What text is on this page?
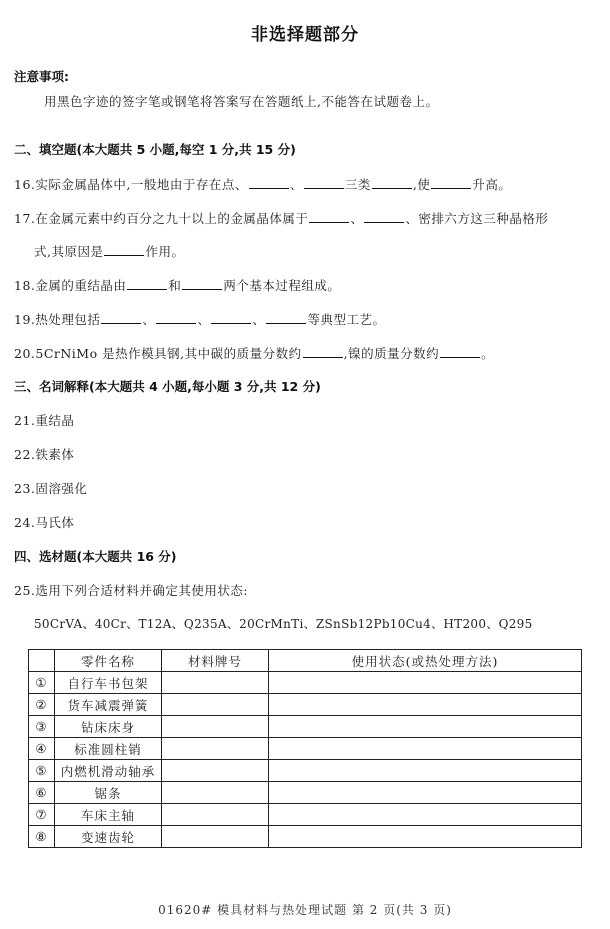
非选择题部分
注意事项:
用黑色字迹的签字笔或钢笔将答案写在答题纸上,不能答在试题卷上。
二、填空题(本大题共 5 小题,每空 1 分,共 15 分)
16.实际金属晶体中,一般地由于存在点、	、	三类	,使	升高。
17.在金属元素中约百分之九十以上的金属晶体属于	、	、密排六方这三种晶格形
式,其原因是	作用。
18.金属的重结晶由	和	两个基本过程组成。
19.热处理包括	、	、	、	等典型工艺。
20.5CrNiMo 是热作模具钢,其中碳的质量分数约	,镍的质量分数约	。
三、名词解释(本大题共 4 小题,每小题 3 分,共 12 分)
21.重结晶
22.铁素体
23.固溶强化
24.马氏体
四、选材题(本大题共 16 分)
25.选用下列合适材料并确定其使用状态:
50CrVA、40Cr、T12A、Q235A、20CrMnTi、ZSnSb12Pb10Cu4、HT200、Q295
	零件名称	材料牌号	使用状态(或热处理方法)
①	自行车书包架		
②	货车减震弹簧		
③	钻床床身		
④	标准圆柱销		
⑤	内燃机滑动轴承		
⑥	锯条		
⑦	车床主轴		
⑧	变速齿轮		
01620# 模具材料与热处理试题 第 2 页(共 3 页)
